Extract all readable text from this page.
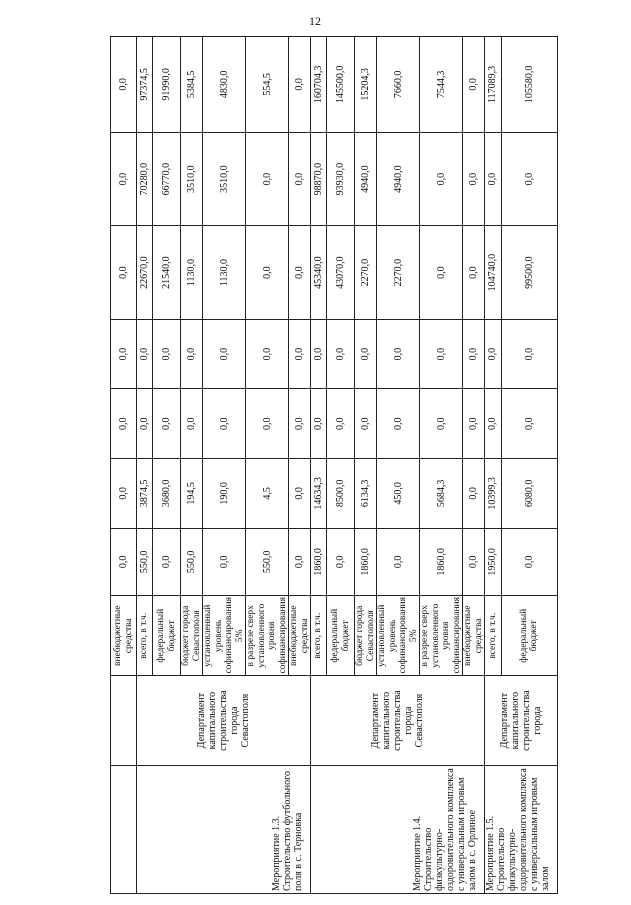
12
		внебюджетные средства	0,0	0,0	0,0	0,0	0,0	0,0	0,0
Мероприятие 1.3. Строительство футбольного поля в с. Терновка	Департамент капитального строительства города Севастополя	всего, в т.ч.	550,0	3874,5	0,0	0,0	22670,0	70280,0	97374,5
		федеральный бюджет	0,0	3680,0	0,0	0,0	21540,0	66770,0	91990,0
		бюджет города Севастополя	550,0	194,5	0,0	0,0	1130,0	3510,0	5384,5
		установленный уровень софинансирования 5%	0,0	190,0	0,0	0,0	1130,0	3510,0	4830,0
		в разрезе сверх установленного уровня софинансирования	550,0	4,5	0,0	0,0	0,0	0,0	554,5
		внебюджетные средства	0,0	0,0	0,0	0,0	0,0	0,0	0,0
Мероприятие 1.4. Строительство физкультурно-оздоровительного комплекса с универсальным игровым залом в с. Орлиное	Департамент капитального строительства города Севастополя	всего, в т.ч.	1860,0	14634,3	0,0	0,0	45340,0	98870,0	160704,3
		федеральный бюджет	0,0	8500,0	0,0	0,0	43070,0	93930,0	145500,0
		бюджет города Севастополя	1860,0	6134,3	0,0	0,0	2270,0	4940,0	15204,3
		установленный уровень софинансирования 5%	0,0	450,0	0,0	0,0	2270,0	4940,0	7660,0
		в разрезе сверх установленного уровня софинансирования	1860,0	5684,3	0,0	0,0	0,0	0,0	7544,3
		внебюджетные средства	0,0	0,0	0,0	0,0	0,0	0,0	0,0
Мероприятие 1.5. Строительство физкультурно-оздоровительного комплекса с универсальным игровым залом	Департамент капитального строительства города	всего, в т.ч.	1950,0	10399,3	0,0	0,0	104740,0	0,0	117089,3
		федеральный бюджет	0,0	6080,0	0,0	0,0	99500,0	0,0	105580,0
